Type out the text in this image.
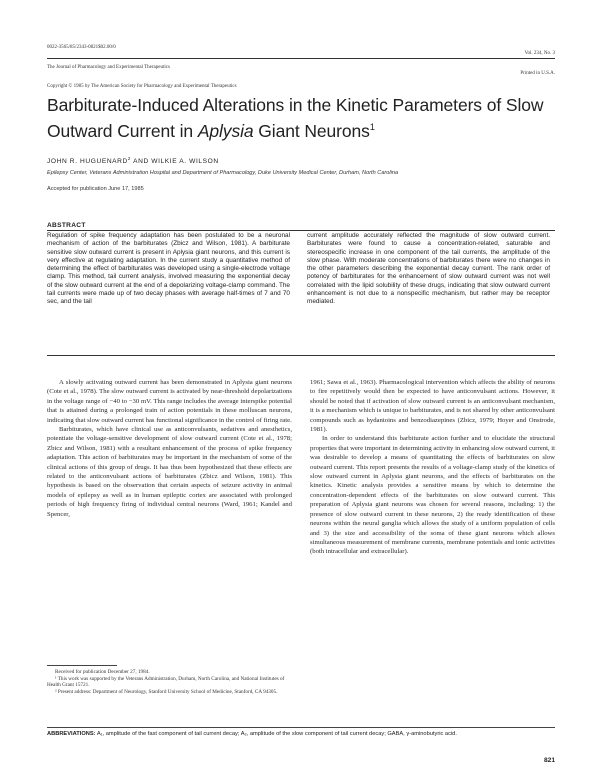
0022-3565/85/2343-0821$02.00/0

The Journal of Pharmacology and Experimental Therapeutics

Copyright © 1985 by The American Society for Pharmacology and Experimental Therapeutics

Vol. 234, No. 3

Printed in U.S.A.

Barbiturate-Induced Alterations in the Kinetic Parameters of Slow Outward Current in Aplysia Giant Neurons$^1$
JOHN R. HUGUENARD$^2$ AND WILKIE A. WILSON
Epilepsy Center, Veterans Administration Hospital and Department of Pharmacology, Duke University Medical Center, Durham, North Carolina
Accepted for publication June 17, 1985
ABSTRACT
Regulation of spike frequency adaptation has been postulated to be a neuronal mechanism of action of the barbiturates (Zbicz and Wilson, 1981). A barbiturate sensitive slow outward current is present in Aplysia giant neurons, and this current is very effective at regulating adaptation. In the current study a quantitative method of determining the effect of barbiturates was developed using a single-electrode voltage clamp. This method, tail current analysis, involved measuring the exponential decay of the slow outward current at the end of a depolarizing voltage-clamp command. The tail currents were made up of two decay phases with average half-times of 7 and 70 sec, and the tail
current amplitude accurately reflected the magnitude of slow outward current. Barbiturates were found to cause a concentration-related, saturable and stereospecific increase in one component of the tail currents, the amplitude of the slow phase. With moderate concentrations of barbiturates there were no changes in the other parameters describing the exponential decay current. The rank order of potency of barbiturates for the enhancement of slow outward current was not well correlated with the lipid solubility of these drugs, indicating that slow outward current enhancement is not due to a nonspecific mechanism, but rather may be receptor mediated.

A slowly activating outward current has been demonstrated in Aplysia giant neurons (Cote et al., 1978). The slow outward current is activated by near-threshold depolarizations in the voltage range of −40 to −30 mV. This range includes the average interspike potential that is attained during a prolonged train of action potentials in these molluscan neurons, indicating that slow outward current has functional significance in the control of firing rate.

Barbiturates, which have clinical use as anticonvulsants, sedatives and anesthetics, potentiate the voltage-sensitive development of slow outward current (Cote et al., 1978; Zbicz and Wilson, 1981) with a resultant enhancement of the process of spike frequency adaptation. This action of barbiturates may be important in the mechanism of some of the clinical actions of this group of drugs. It has thus been hypothesized that these effects are related to the anticonvulsant actions of barbiturates (Zbicz and Wilson, 1981). This hypothesis is based on the observation that certain aspects of seizure activity in animal models of epilepsy as well as in human epileptic cortex are associated with prolonged periods of high frequency firing of individual central neurons (Ward, 1961; Kandel and Spencer,

1961; Sawa et al., 1963). Pharmacological intervention which affects the ability of neurons to fire repetitively would then be expected to have anticonvulsant actions. However, it should be noted that if activation of slow outward current is an anticonvulsant mechanism, it is a mechanism which is unique to barbiturates, and is not shared by other anticonvulsant compounds such as hydantoins and benzodiazepines (Zbicz, 1979; Hoyer and Onstrode, 1981).

In order to understand this barbiturate action further and to elucidate the structural properties that were important in determining activity in enhancing slow outward current, it was desirable to develop a means of quantitating the effects of barbiturates on slow outward current. This report presents the results of a voltage-clamp study of the kinetics of slow outward current in Aplysia giant neurons, and the effects of barbiturates on the kinetics. Kinetic analysis provides a sensitive means by which to determine the concentration-dependent effects of the barbiturates on slow outward current. This preparation of Aplysia giant neurons was chosen for several reasons, including: 1) the presence of slow outward current in these neurons, 2) the ready identification of these neurons within the neural ganglia which allows the study of a uniform population of cells and 3) the size and accessibility of the soma of these giant neurons which allows simultaneous measurement of membrane currents, membrane potentials and ionic activities (both intracellular and extracellular).

Received for publication December 27, 1984.

¹ This work was supported by the Veterans Administration, Durham, North Carolina, and National Institutes of Health Grant 15721.

² Present address: Department of Neurology, Stanford University School of Medicine, Stanford, CA 94305.

ABBREVIATIONS: A₁, amplitude of the fast component of tail current decay; A₂, amplitude of the slow component of tail current decay; GABA, γ-aminobutyric acid.
821
